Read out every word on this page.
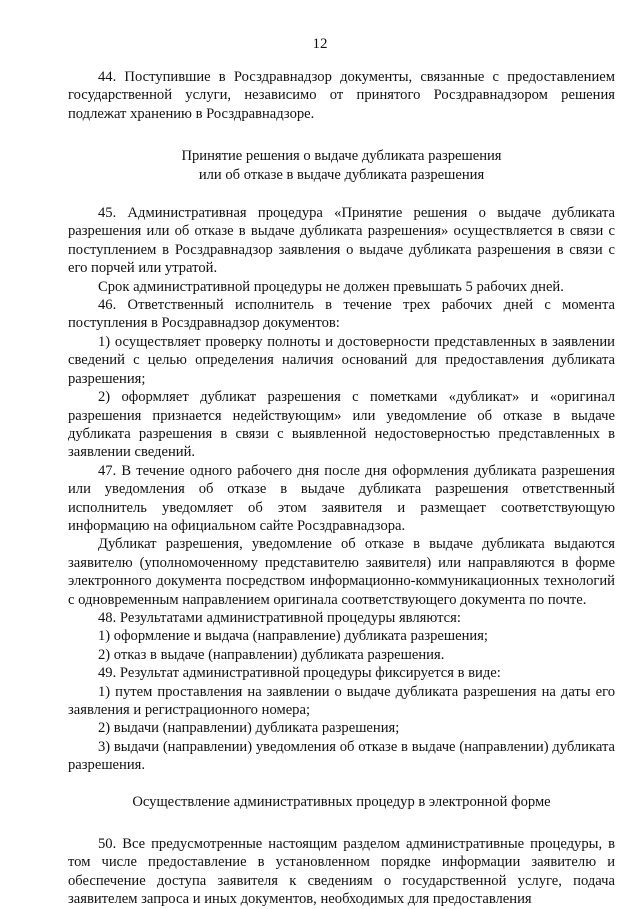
12

44. Поступившие в Росздравнадзор документы, связанные с предоставлением государственной услуги, независимо от принятого Росздравнадзором решения подлежат хранению в Росздравнадзоре.

Принятие решения о выдаче дубликата разрешения

или об отказе в выдаче дубликата разрешения

45. Административная процедура «Принятие решения о выдаче дубликата разрешения или об отказе в выдаче дубликата разрешения» осуществляется в связи с поступлением в Росздравнадзор заявления о выдаче дубликата разрешения в связи с его порчей или утратой.

Срок административной процедуры не должен превышать 5 рабочих дней.

46. Ответственный исполнитель в течение трех рабочих дней с момента поступления в Росздравнадзор документов:

1) осуществляет проверку полноты и достоверности представленных в заявлении сведений с целью определения наличия оснований для предоставления дубликата разрешения;

2) оформляет дубликат разрешения с пометками «дубликат» и «оригинал разрешения признается недействующим» или уведомление об отказе в выдаче дубликата разрешения в связи с выявленной недостоверностью представленных в заявлении сведений.

47. В течение одного рабочего дня после дня оформления дубликата разрешения или уведомления об отказе в выдаче дубликата разрешения ответственный исполнитель уведомляет об этом заявителя и размещает соответствующую информацию на официальном сайте Росздравнадзора.

Дубликат разрешения, уведомление об отказе в выдаче дубликата выдаются заявителю (уполномоченному представителю заявителя) или направляются в форме электронного документа посредством информационно-коммуникационных технологий с одновременным направлением оригинала соответствующего документа по почте.

48. Результатами административной процедуры являются:

1) оформление и выдача (направление) дубликата разрешения;

2) отказ в выдаче (направлении) дубликата разрешения.

49. Результат административной процедуры фиксируется в виде:

1) путем проставления на заявлении о выдаче дубликата разрешения на даты его заявления и регистрационного номера;

2) выдачи (направлении) дубликата разрешения;

3) выдачи (направлении) уведомления об отказе в выдаче (направлении) дубликата разрешения.

Осуществление административных процедур в электронной форме

50. Все предусмотренные настоящим разделом административные процедуры, в том числе предоставление в установленном порядке информации заявителю и обеспечение доступа заявителя к сведениям о государственной услуге, подача заявителем запроса и иных документов, необходимых для предоставления
